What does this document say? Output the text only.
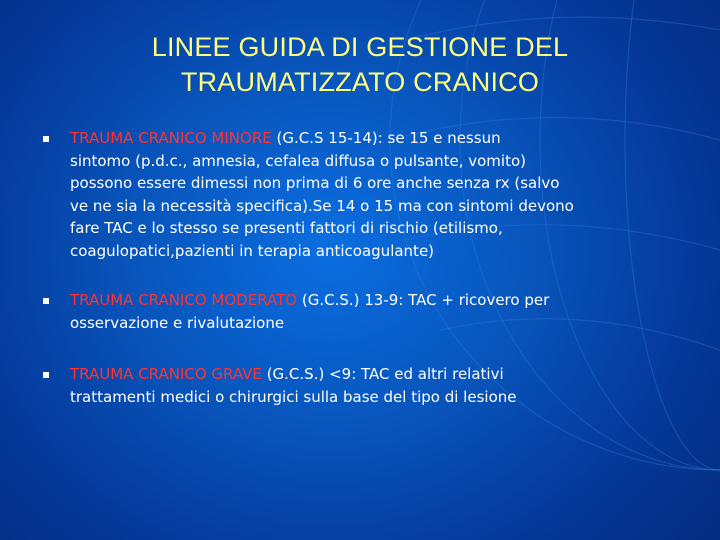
LINEE GUIDA DI GESTIONE DEL
TRAUMATIZZATO CRANICO

TRAUMA CRANICO MINORE (G.C.S 15-14): se 15 e nessun

sintomo (p.d.c., amnesia, cefalea diffusa o pulsante, vomito)

possono essere dimessi non prima di 6 ore anche senza rx (salvo

ve ne sia la necessità specifica).Se 14 o 15 ma con sintomi devono

fare TAC e lo stesso se presenti fattori di rischio (etilismo,

coagulopatici,pazienti in terapia anticoagulante)

TRAUMA CRANICO MODERATO (G.C.S.) 13-9: TAC + ricovero per

osservazione e rivalutazione

TRAUMA CRANICO GRAVE (G.C.S.) <9: TAC ed altri relativi

trattamenti medici o chirurgici sulla base del tipo di lesione
